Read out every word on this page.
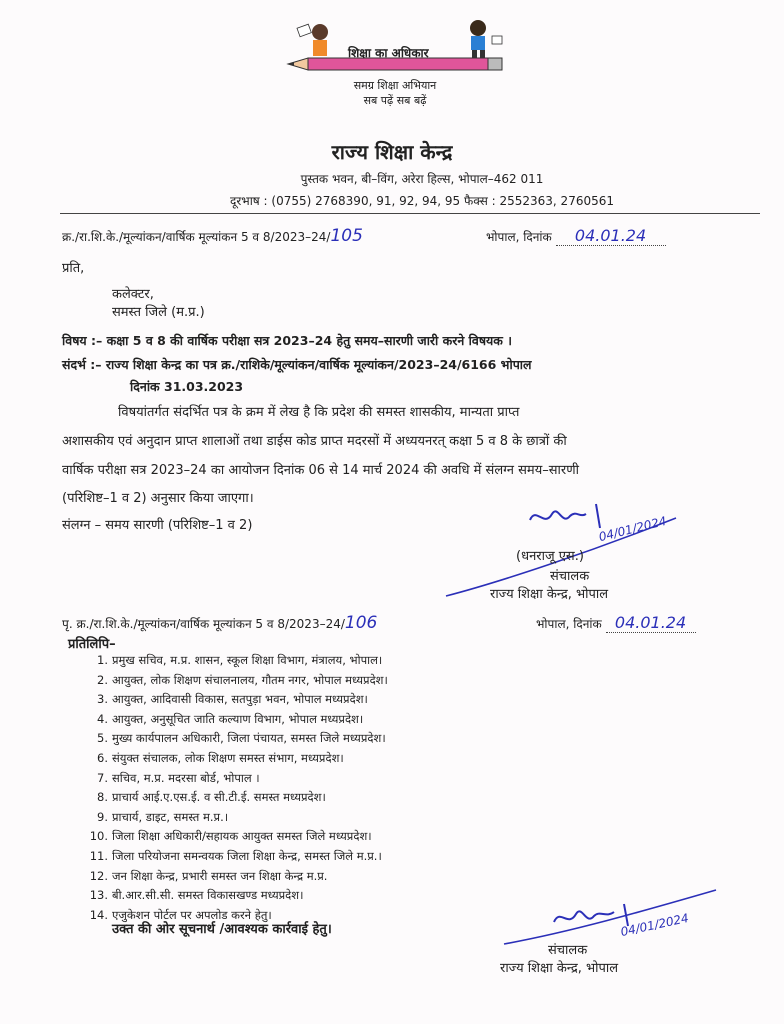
शिक्षा का अधिकार
समग्र शिक्षा अभियान
सब पढ़ें सब बढ़ें
राज्य शिक्षा केन्द्र
पुस्तक भवन, बी–विंग, अरेरा हिल्स, भोपाल–462 011
दूरभाष : (0755) 2768390, 91, 92, 94, 95 फैक्स : 2552363, 2760561
क्र./रा.शि.के./मूल्यांकन/वार्षिक मूल्यांकन 5 व 8/2023–24/105	भोपाल, दिनांक 04.01.24
प्रति,
कलेक्टर,
समस्त जिले (म.प्र.)
विषय :– कक्षा 5 व 8 की वार्षिक परीक्षा सत्र 2023–24 हेतु समय–सारणी जारी करने विषयक ।
संदर्भ :– राज्य शिक्षा केन्द्र का पत्र क्र./राशिके/मूल्यांकन/वार्षिक मूल्यांकन/2023–24/6166 भोपाल
दिनांक 31.03.2023
विषयांतर्गत संदर्भित पत्र के क्रम में लेख है कि प्रदेश की समस्त शासकीय, मान्यता प्राप्त
अशासकीय एवं अनुदान प्राप्त शालाओं तथा डाईस कोड प्राप्त मदरसों में अध्ययनरत् कक्षा 5 व 8 के छात्रों की
वार्षिक परीक्षा सत्र 2023–24 का आयोजन दिनांक 06 से 14 मार्च 2024 की अवधि में संलग्न समय–सारणी
(परिशिष्ट–1 व 2) अनुसार किया जाएगा।
संलग्न – समय सारणी (परिशिष्ट–1 व 2)	04/01/2024
(धनराजू एस.)
संचालक
राज्य शिक्षा केन्द्र, भोपाल
पृ. क्र./रा.शि.के./मूल्यांकन/वार्षिक मूल्यांकन 5 व 8/2023–24/106	भोपाल, दिनांक 04.01.24
प्रतिलिपि–
1. प्रमुख सचिव, म.प्र. शासन, स्कूल शिक्षा विभाग, मंत्रालय, भोपाल।
2. आयुक्त, लोक शिक्षण संचालनालय, गौतम नगर, भोपाल मध्यप्रदेश।
3. आयुक्त, आदिवासी विकास, सतपुड़ा भवन, भोपाल मध्यप्रदेश।
4. आयुक्त, अनुसूचित जाति कल्याण विभाग, भोपाल मध्यप्रदेश।
5. मुख्य कार्यपालन अधिकारी, जिला पंचायत, समस्त जिले मध्यप्रदेश।
6. संयुक्त संचालक, लोक शिक्षण समस्त संभाग, मध्यप्रदेश।
7. सचिव, म.प्र. मदरसा बोर्ड, भोपाल ।
8. प्राचार्य आई.ए.एस.ई. व सी.टी.ई. समस्त मध्यप्रदेश।
9. प्राचार्य, डाइट, समस्त म.प्र.।
10. जिला शिक्षा अधिकारी/सहायक आयुक्त समस्त जिले मध्यप्रदेश।
11. जिला परियोजना समन्वयक जिला शिक्षा केन्द्र, समस्त जिले म.प्र.।
12. जन शिक्षा केन्द्र, प्रभारी समस्त जन शिक्षा केन्द्र म.प्र.
13. बी.आर.सी.सी. समस्त विकासखण्ड मध्यप्रदेश।
14. एजुकेशन पोर्टल पर अपलोड करने हेतु।
उक्त की ओर सूचनार्थ /आवश्यक कार्रवाई हेतु।	04/01/2024
संचालक
राज्य शिक्षा केन्द्र, भोपाल
